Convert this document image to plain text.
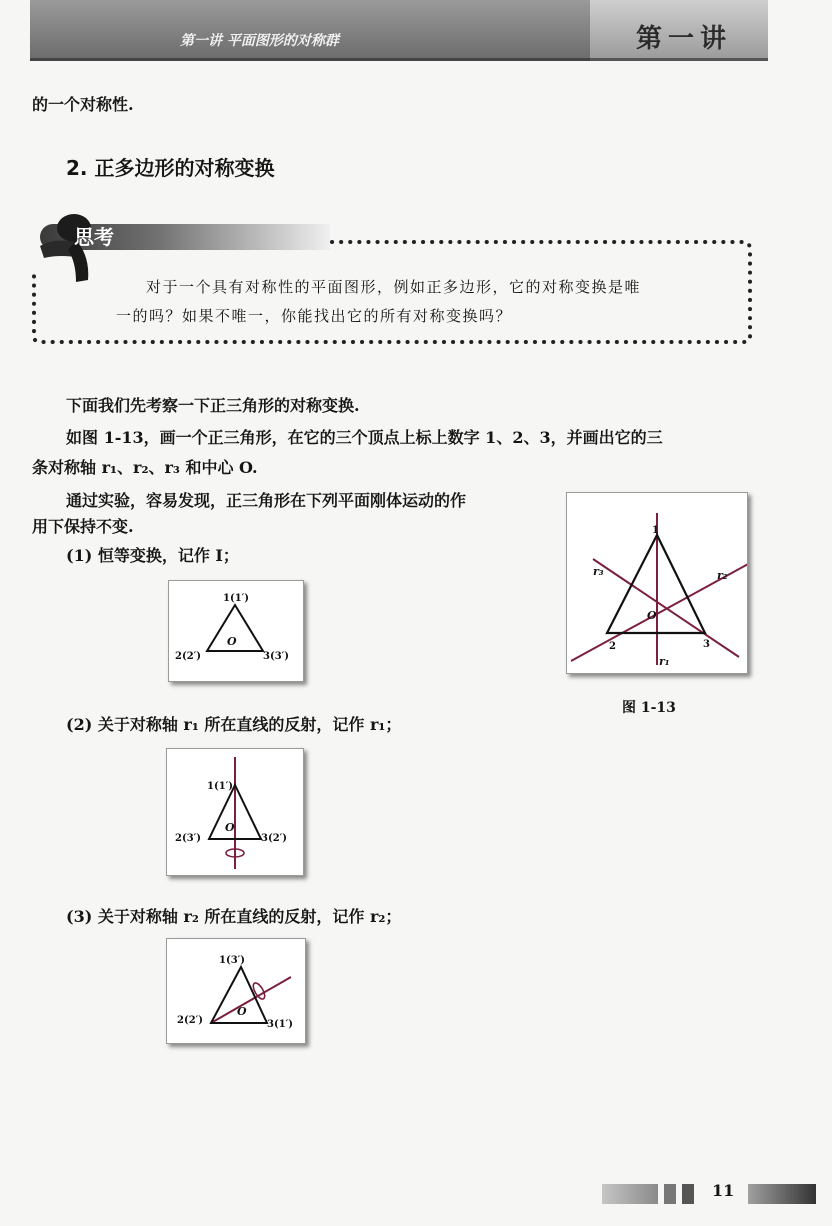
第一讲 平面图形的对称群	第一讲
的一个对称性.
2. 正多边形的对称变换
思考
对于一个具有对称性的平面图形，例如正多边形，它的对称变换是唯
一的吗？如果不唯一，你能找出它的所有对称变换吗？
下面我们先考察一下正三角形的对称变换.
如图 1-13，画一个正三角形，在它的三个顶点上标上数字 1、2、3，并画出它的三
条对称轴 r₁、r₂、r₃ 和中心 O.
通过实验，容易发现，正三角形在下列平面刚体运动的作
用下保持不变.
(1) 恒等变换，记作 I；
(2) 关于对称轴 r₁ 所在直线的反射，记作 r₁；
(3) 关于对称轴 r₂ 所在直线的反射，记作 r₂；
1
2	3
O
r₁
r₂
r₃
图 1-13
1(1′)
2(2′)	3(3′)
O
1(1′)
2(3′)	3(2′)
O
1(3′)
2(2′)	3(1′)
O
11
